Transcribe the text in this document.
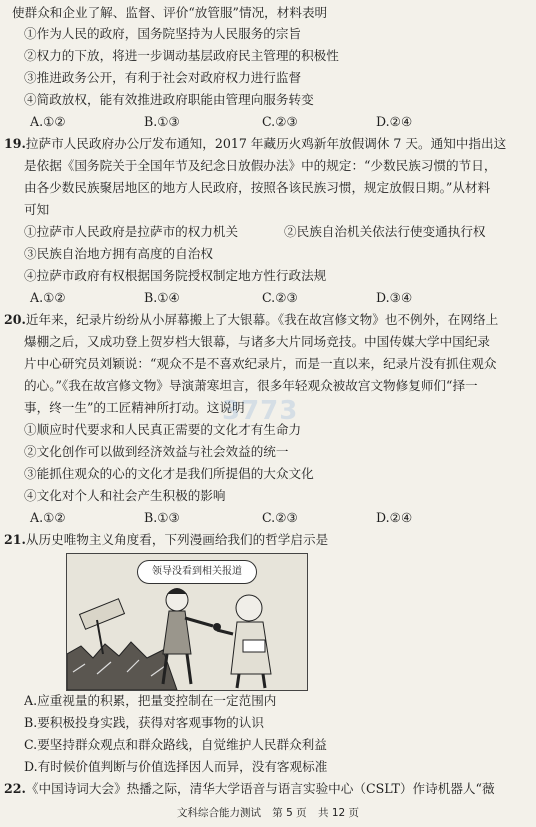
使群众和企业了解、监督、评价“放管服”情况，材料表明
①作为人民的政府，国务院坚持为人民服务的宗旨
②权力的下放，将进一步调动基层政府民主管理的积极性
③推进政务公开，有利于社会对政府权力进行监督
④简政放权，能有效推进政府职能由管理向服务转变
A.①②	B.①③	C.②③	D.②④
19.拉萨市人民政府办公厅发布通知，2017 年藏历火鸡新年放假调休 7 天。通知中指出这
是依据《国务院关于全国年节及纪念日放假办法》中的规定：“少数民族习惯的节日，
由各少数民族聚居地区的地方人民政府，按照各该民族习惯，规定放假日期。”从材料
可知
①拉萨市人民政府是拉萨市的权力机关	②民族自治机关依法行使变通执行权
③民族自治地方拥有高度的自治权
④拉萨市政府有权根据国务院授权制定地方性行政法规
A.①②	B.①④	C.②③	D.③④
20.近年来，纪录片纷纷从小屏幕搬上了大银幕。《我在故宫修文物》也不例外，在网络上
爆棚之后，又成功登上贺岁档大银幕，与诸多大片同场竞技。中国传媒大学中国纪录
片中心研究员刘颖说：“观众不是不喜欢纪录片，而是一直以来，纪录片没有抓住观众
的心。”《我在故宫修文物》导演萧寒坦言，很多年轻观众被故宫文物修复师们“择一
事，终一生”的工匠精神所打动。这说明
①顺应时代要求和人民真正需要的文化才有生命力
②文化创作可以做到经济效益与社会效益的统一
③能抓住观众的心的文化才是我们所提倡的大众文化
④文化对个人和社会产生积极的影响
A.①②	B.①③	C.②③	D.②④
21.从历史唯物主义角度看，下列漫画给我们的哲学启示是
领导没看到相关报道
A.应重视量的积累，把量变控制在一定范围内
B.要积极投身实践，获得对客观事物的认识
C.要坚持群众观点和群众路线，自觉维护人民群众利益
D.有时候价值判断与价值选择因人而异，没有客观标准
22.《中国诗词大会》热播之际，清华大学语音与语言实验中心（CSLT）作诗机器人“薇
3773
文科综合能力测试 第 5 页 共 12 页
